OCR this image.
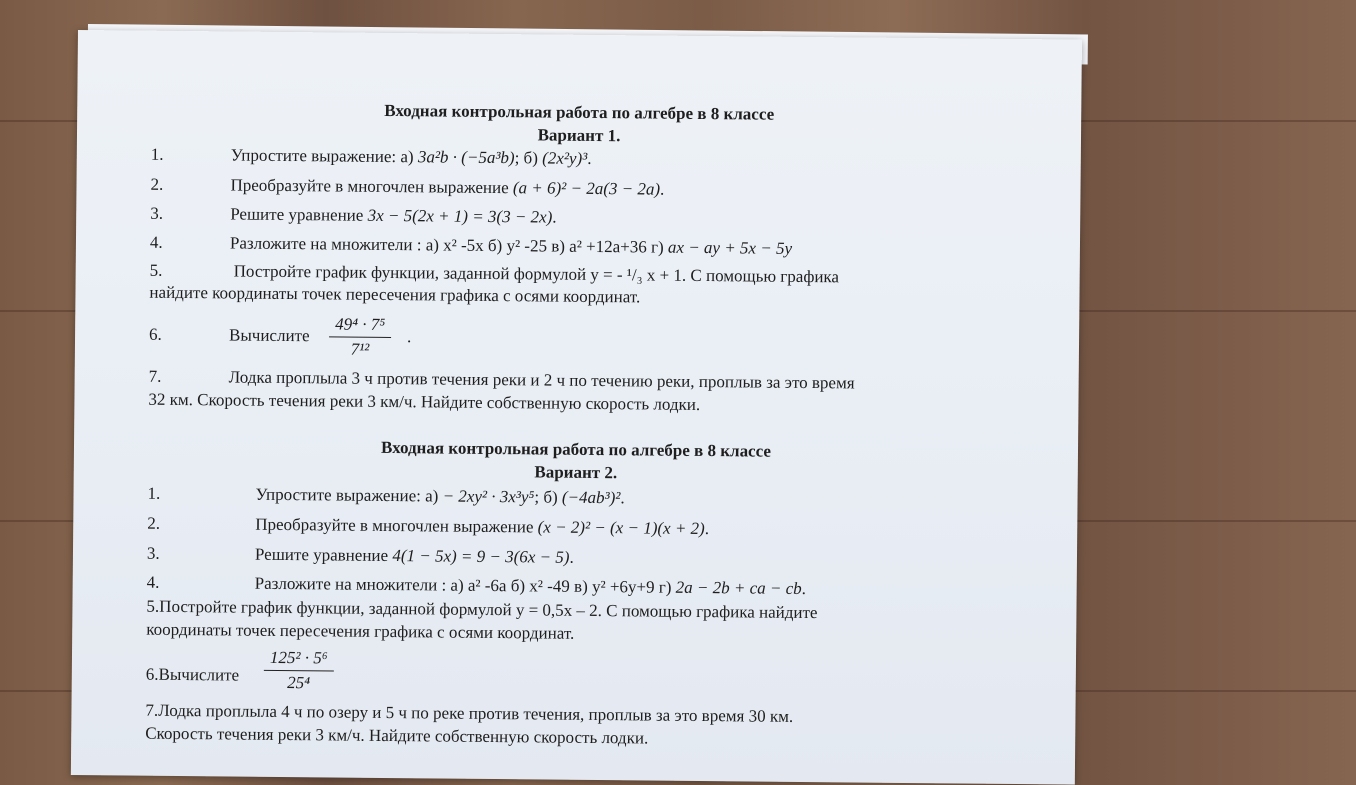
Входная контрольная работа по алгебре в 8 классе
Вариант 1.
1.	Упростите выражение: а) 3a²b · (−5a³b); б) (2x²y)³.
2.	Преобразуйте в многочлен выражение (a + 6)² − 2a(3 − 2a).
3.	Решите уравнение 3x − 5(2x + 1) = 3(3 − 2x).
4.	Разложите на множители : а) x² -5x б) y² -25 в) a² +12a+36 г) ax − ay + 5x − 5y
5.	Постройте график функции, заданной формулой y = - ¹/₃ x + 1. С помощью графика
найдите координаты точек пересечения графика с осями координат.
6.	Вычислите $\frac{\text{49⁴ · 7⁵}}{\text{7¹²}}$ .
7.	Лодка проплыла 3 ч против течения реки и 2 ч по течению реки, проплыв за это время
32 км. Скорость течения реки 3 км/ч. Найдите собственную скорость лодки.
Входная контрольная работа по алгебре в 8 классе
Вариант 2.
1.	Упростите выражение: а) − 2xy² · 3x³y⁵; б) (−4ab³)².
2.	Преобразуйте в многочлен выражение (x − 2)² − (x − 1)(x + 2).
3.	Решите уравнение 4(1 − 5x) = 9 − 3(6x − 5).
4.	Разложите на множители : а) a² -6a б) x² -49 в) y² +6y+9 г) 2a − 2b + ca − cb.
5.Постройте график функции, заданной формулой y = 0,5x – 2. С помощью графика найдите
координаты точек пересечения графика с осями координат.
6.Вычислите $\frac{\text{125² · 5⁶}}{\text{25⁴}}$
7.Лодка проплыла 4 ч по озеру и 5 ч по реке против течения, проплыв за это время 30 км.
Скорость течения реки 3 км/ч. Найдите собственную скорость лодки.
